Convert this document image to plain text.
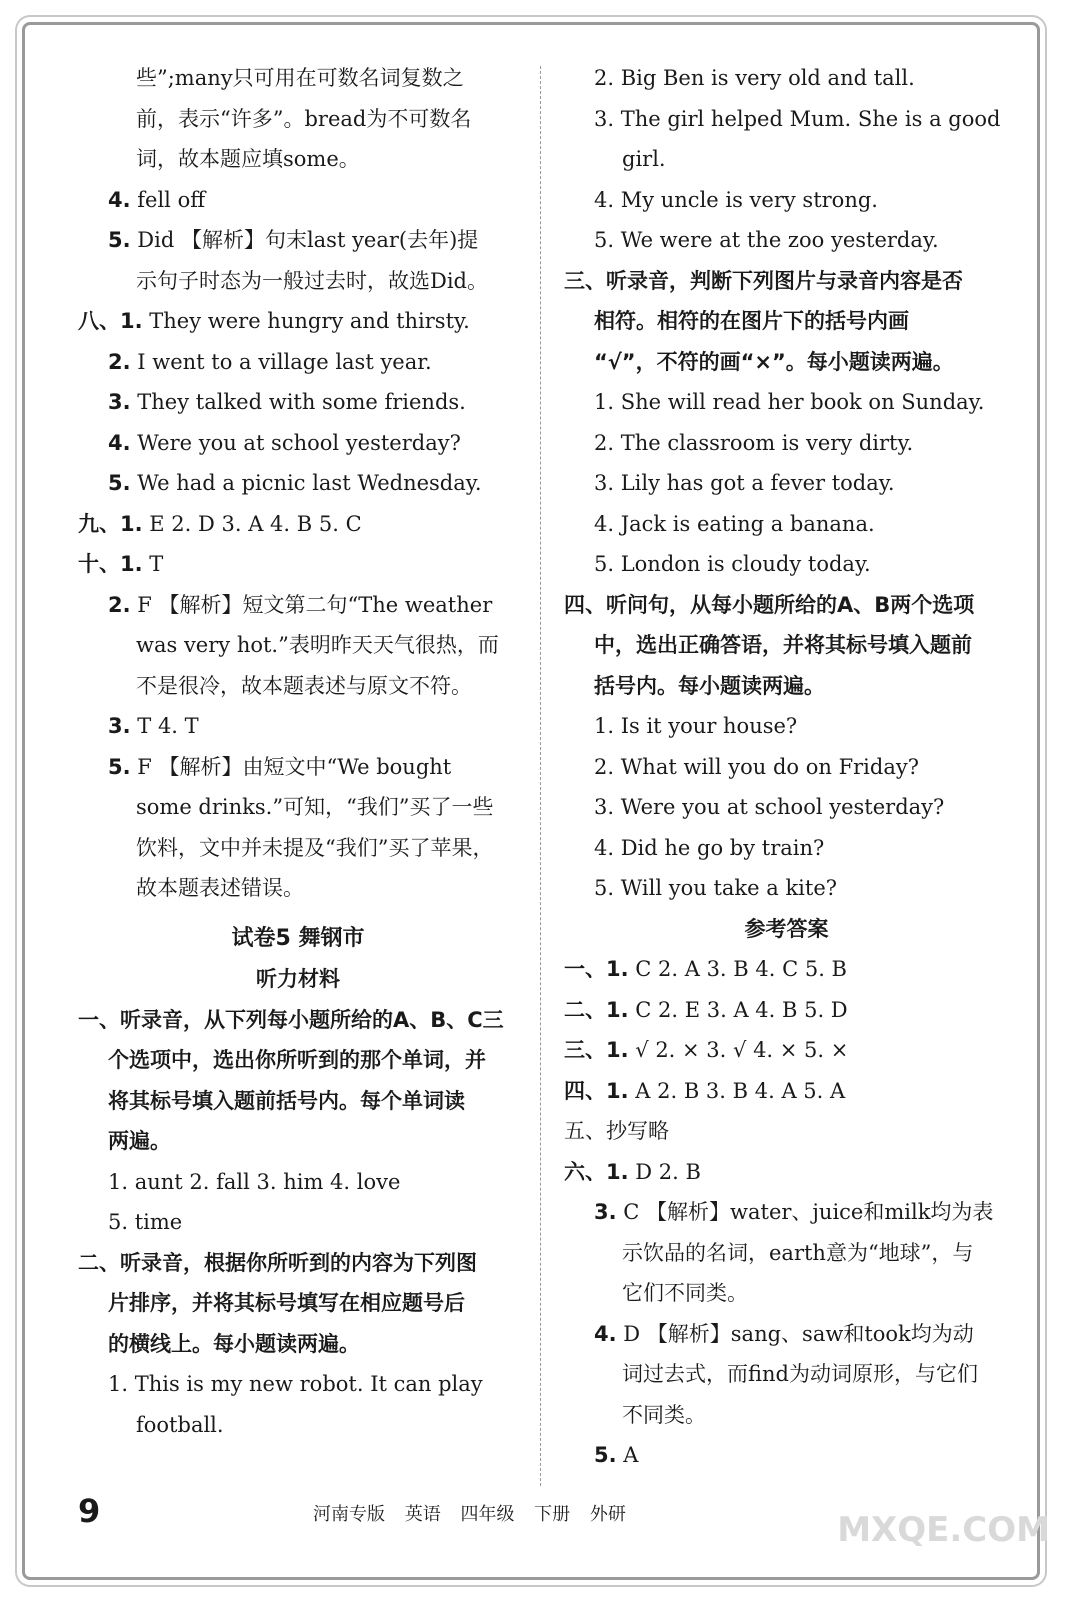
些”;many只可用在可数名词复数之
前，表示“许多”。bread为不可数名
词，故本题应填some。
4. fell off
5. Did 【解析】句末last year(去年)提
示句子时态为一般过去时，故选Did。
八、1. They were hungry and thirsty.
2. I went to a village last year.
3. They talked with some friends.
4. Were you at school yesterday?
5. We had a picnic last Wednesday.
九、1. E 2. D 3. A 4. B 5. C
十、1. T
2. F 【解析】短文第二句“The weather
was very hot.”表明昨天天气很热，而
不是很冷，故本题表述与原文不符。
3. T 4. T
5. F 【解析】由短文中“We bought
some drinks.”可知，“我们”买了一些
饮料，文中并未提及“我们”买了苹果，
故本题表述错误。
试卷5 舞钢市
听力材料
一、听录音，从下列每小题所给的A、B、C三
个选项中，选出你所听到的那个单词，并
将其标号填入题前括号内。每个单词读
两遍。
1. aunt 2. fall 3. him 4. love
5. time
二、听录音，根据你所听到的内容为下列图
片排序，并将其标号填写在相应题号后
的横线上。每小题读两遍。
1. This is my new robot. It can play
football.
2. Big Ben is very old and tall.
3. The girl helped Mum. She is a good
girl.
4. My uncle is very strong.
5. We were at the zoo yesterday.
三、听录音，判断下列图片与录音内容是否
相符。相符的在图片下的括号内画
“√”，不符的画“×”。每小题读两遍。
1. She will read her book on Sunday.
2. The classroom is very dirty.
3. Lily has got a fever today.
4. Jack is eating a banana.
5. London is cloudy today.
四、听问句，从每小题所给的A、B两个选项
中，选出正确答语，并将其标号填入题前
括号内。每小题读两遍。
1. Is it your house?
2. What will you do on Friday?
3. Were you at school yesterday?
4. Did he go by train?
5. Will you take a kite?
参考答案
一、1. C 2. A 3. B 4. C 5. B
二、1. C 2. E 3. A 4. B 5. D
三、1. √ 2. × 3. √ 4. × 5. ×
四、1. A 2. B 3. B 4. A 5. A
五、抄写略
六、1. D 2. B
3. C 【解析】water、juice和milk均为表
示饮品的名词，earth意为“地球”，与
它们不同类。
4. D 【解析】sang、saw和took均为动
词过去式，而find为动词原形，与它们
不同类。
5. A
9	河南专版 英语 四年级 下册 外研	MXQE.COM
